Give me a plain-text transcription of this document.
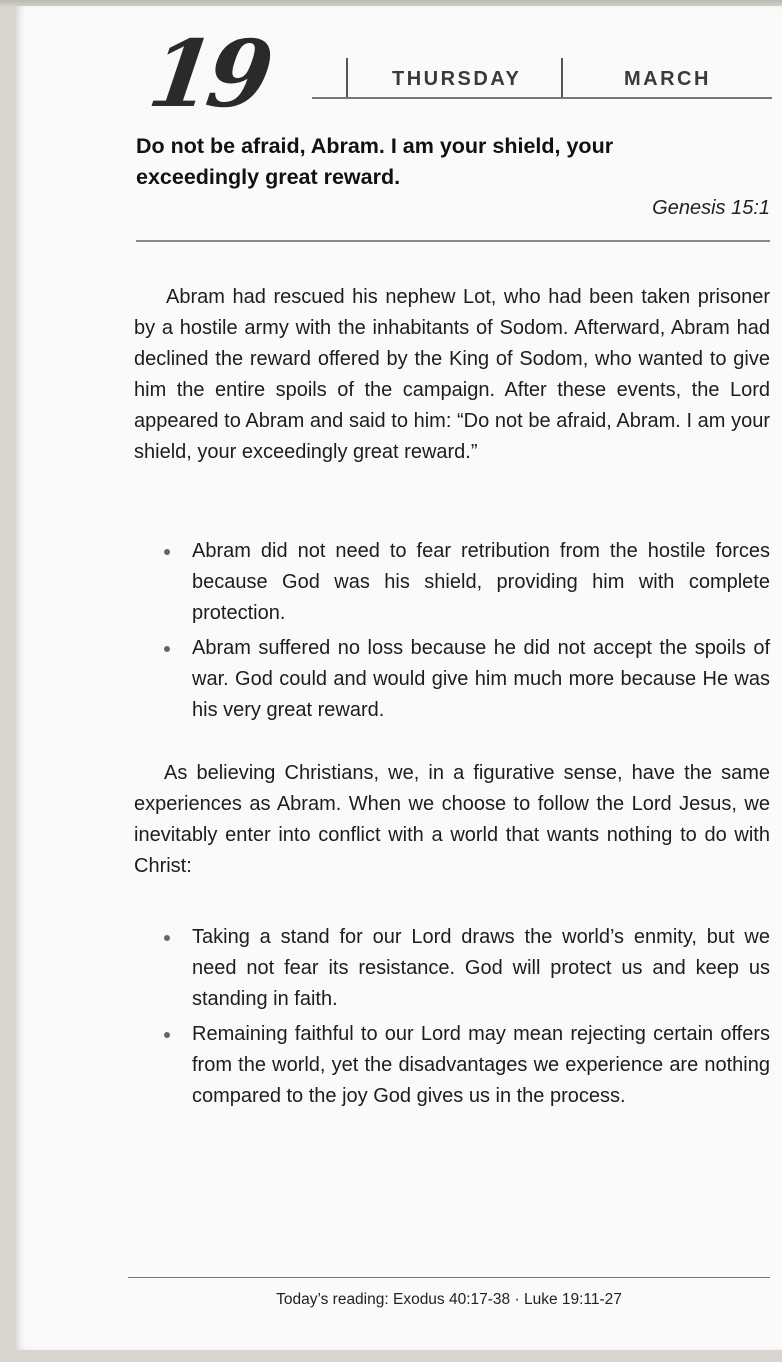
19	THURSDAY	MARCH
Do not be afraid, Abram. I am your shield, your exceedingly great reward.
Genesis 15:1
Abram had rescued his nephew Lot, who had been taken prisoner by a hostile army with the inhabitants of Sodom. Afterward, Abram had declined the reward offered by the King of Sodom, who wanted to give him the entire spoils of the campaign. After these events, the Lord appeared to Abram and said to him: “Do not be afraid, Abram. I am your shield, your exceedingly great reward.”
Abram did not need to fear retribution from the hostile forces because God was his shield, providing him with complete protection.
Abram suffered no loss because he did not accept the spoils of war. God could and would give him much more because He was his very great reward.
As believing Christians, we, in a figurative sense, have the same experiences as Abram. When we choose to follow the Lord Jesus, we inevitably enter into conflict with a world that wants nothing to do with Christ:
Taking a stand for our Lord draws the world’s enmity, but we need not fear its resistance. God will protect us and keep us standing in faith.
Remaining faithful to our Lord may mean rejecting certain offers from the world, yet the disadvantages we experience are nothing compared to the joy God gives us in the process.
Today’s reading: Exodus 40:17-38 · Luke 19:11-27
